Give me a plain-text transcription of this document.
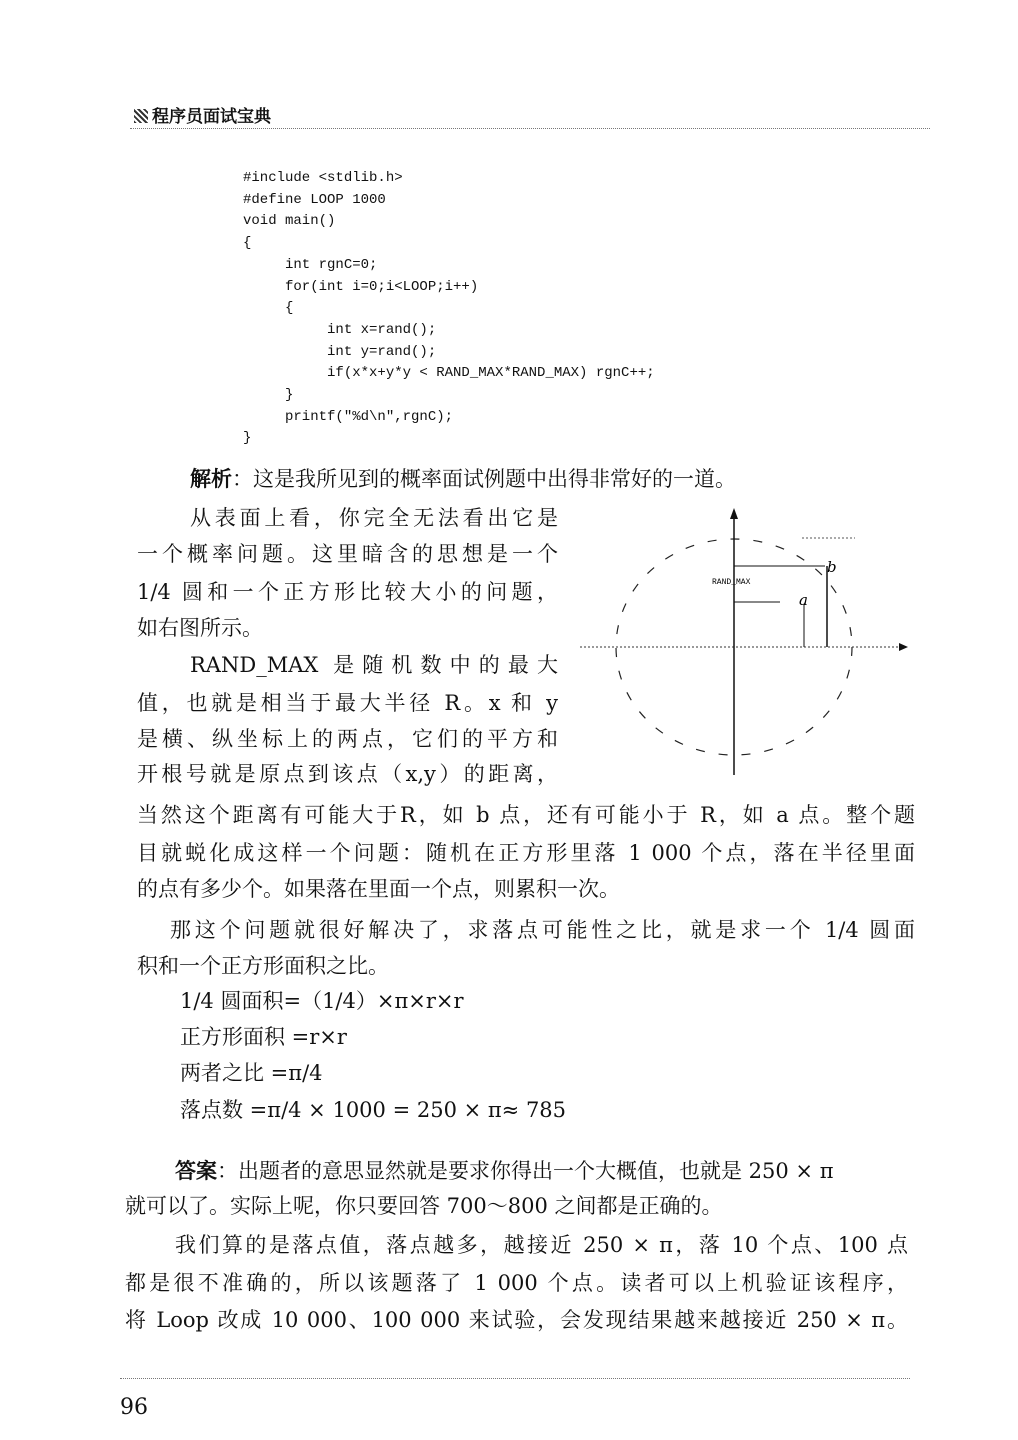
程序员面试宝典
#include <stdlib.h>
#define LOOP 1000
void main()
{
int rgnC=0;
for(int i=0;i<LOOP;i++)
{
int x=rand();
int y=rand();
if(x*x+y*y < RAND_MAX*RAND_MAX) rgnC++;
}
printf("%d\n",rgnC);
}
RAND_MAX
a
b
解析：这是我所见到的概率面试例题中出得非常好的一道。
从表面上看，你完全无法看出它是
一个概率问题。这里暗含的思想是一个
1/4 圆和一个正方形比较大小的问题，
如右图所示。
RAND_MAX 是随机数中的最大
值，也就是相当于最大半径 R。x 和 y
是横、纵坐标上的两点，它们的平方和
开根号就是原点到该点（x,y）的距离，
当然这个距离有可能大于R，如 b 点，还有可能小于 R，如 a 点。整个题
目就蜕化成这样一个问题：随机在正方形里落 1 000 个点，落在半径里面
的点有多少个。如果落在里面一个点，则累积一次。
那这个问题就很好解决了，求落点可能性之比，就是求一个 1/4 圆面
积和一个正方形面积之比。
1/4 圆面积=（1/4）×π×r×r
正方形面积 =r×r
两者之比 =π/4
落点数 =π/4 × 1000 = 250 × π≈ 785
答案：出题者的意思显然就是要求你得出一个大概值，也就是 250 × π
就可以了。实际上呢，你只要回答 700～800 之间都是正确的。
我们算的是落点值，落点越多，越接近 250 × π，落 10 个点、100 点
都是很不准确的，所以该题落了 1 000 个点。读者可以上机验证该程序，
将 Loop 改成 10 000、100 000 来试验，会发现结果越来越接近 250 × π。
96
